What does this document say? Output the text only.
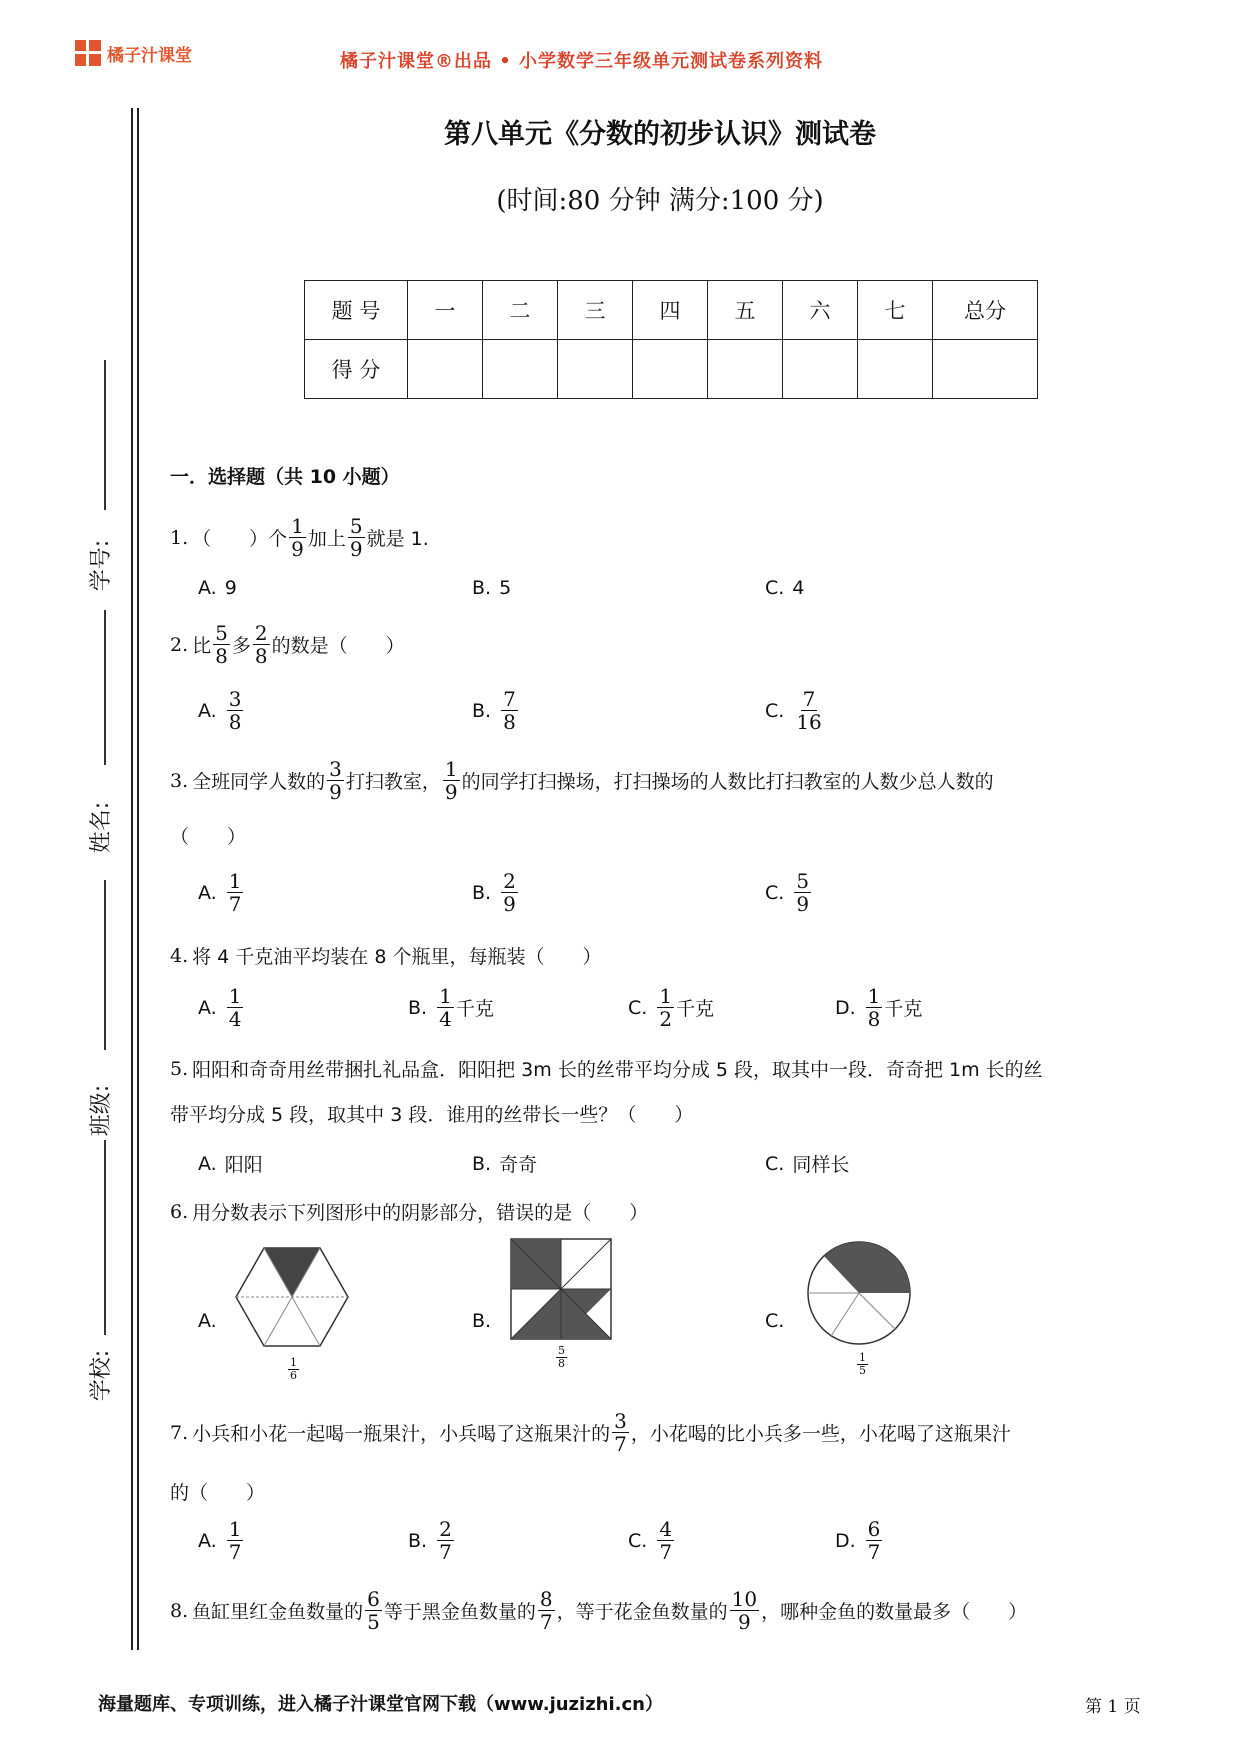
橘子汁课堂	橘子汁课堂®出品 • 小学数学三年级单元测试卷系列资料
学号:
姓名:
班级:
学校:
第八单元《分数的初步认识》测试卷
(时间:80 分钟 满分:100 分)
题 号	一	二	三	四	五	六	七	总分
得 分								
一．选择题（共 10 小题）
1. （　　）个 $\frac{1}{9}$ 加上 $\frac{5}{9}$ 就是 1.
A. 9	B. 5	C. 4
2. 比 $\frac{5}{8}$ 多 $\frac{2}{8}$ 的数是（　　）
A. $\frac{3}{8}$	B. $\frac{7}{8}$	C. $\frac{7}{16}$
3. 全班同学人数的 $\frac{3}{9}$ 打扫教室， $\frac{1}{9}$ 的同学打扫操场，打扫操场的人数比打扫教室的人数少总人数的
（　　）
A. $\frac{1}{7}$	B. $\frac{2}{9}$	C. $\frac{5}{9}$
4. 将 4 千克油平均装在 8 个瓶里，每瓶装（　　）
A. $\frac{1}{4}$	B. $\frac{1}{4}$ 千克	C. $\frac{1}{2}$ 千克	D. $\frac{1}{8}$ 千克
5. 阳阳和奇奇用丝带捆扎礼品盒．阳阳把 3m 长的丝带平均分成 5 段，取其中一段．奇奇把 1m 长的丝
带平均分成 5 段，取其中 3 段．谁用的丝带长一些？（　　）
A. 阳阳	B. 奇奇	C. 同样长
6. 用分数表示下列图形中的阴影部分，错误的是（　　）
A.
$\frac{1}{6}$
B.
$\frac{5}{8}$
C.
$\frac{1}{5}$
7. 小兵和小花一起喝一瓶果汁，小兵喝了这瓶果汁的 $\frac{3}{7}$ ，小花喝的比小兵多一些，小花喝了这瓶果汁
的（　　）
A. $\frac{1}{7}$	B. $\frac{2}{7}$	C. $\frac{4}{7}$	D. $\frac{6}{7}$
8. 鱼缸里红金鱼数量的 $\frac{6}{5}$ 等于黑金鱼数量的 $\frac{8}{7}$ ，等于花金鱼数量的 $\frac{10}{9}$ ，哪种金鱼的数量最多（　　）
海量题库、专项训练，进入橘子汁课堂官网下载（www.juzizhi.cn）	第 1 页
